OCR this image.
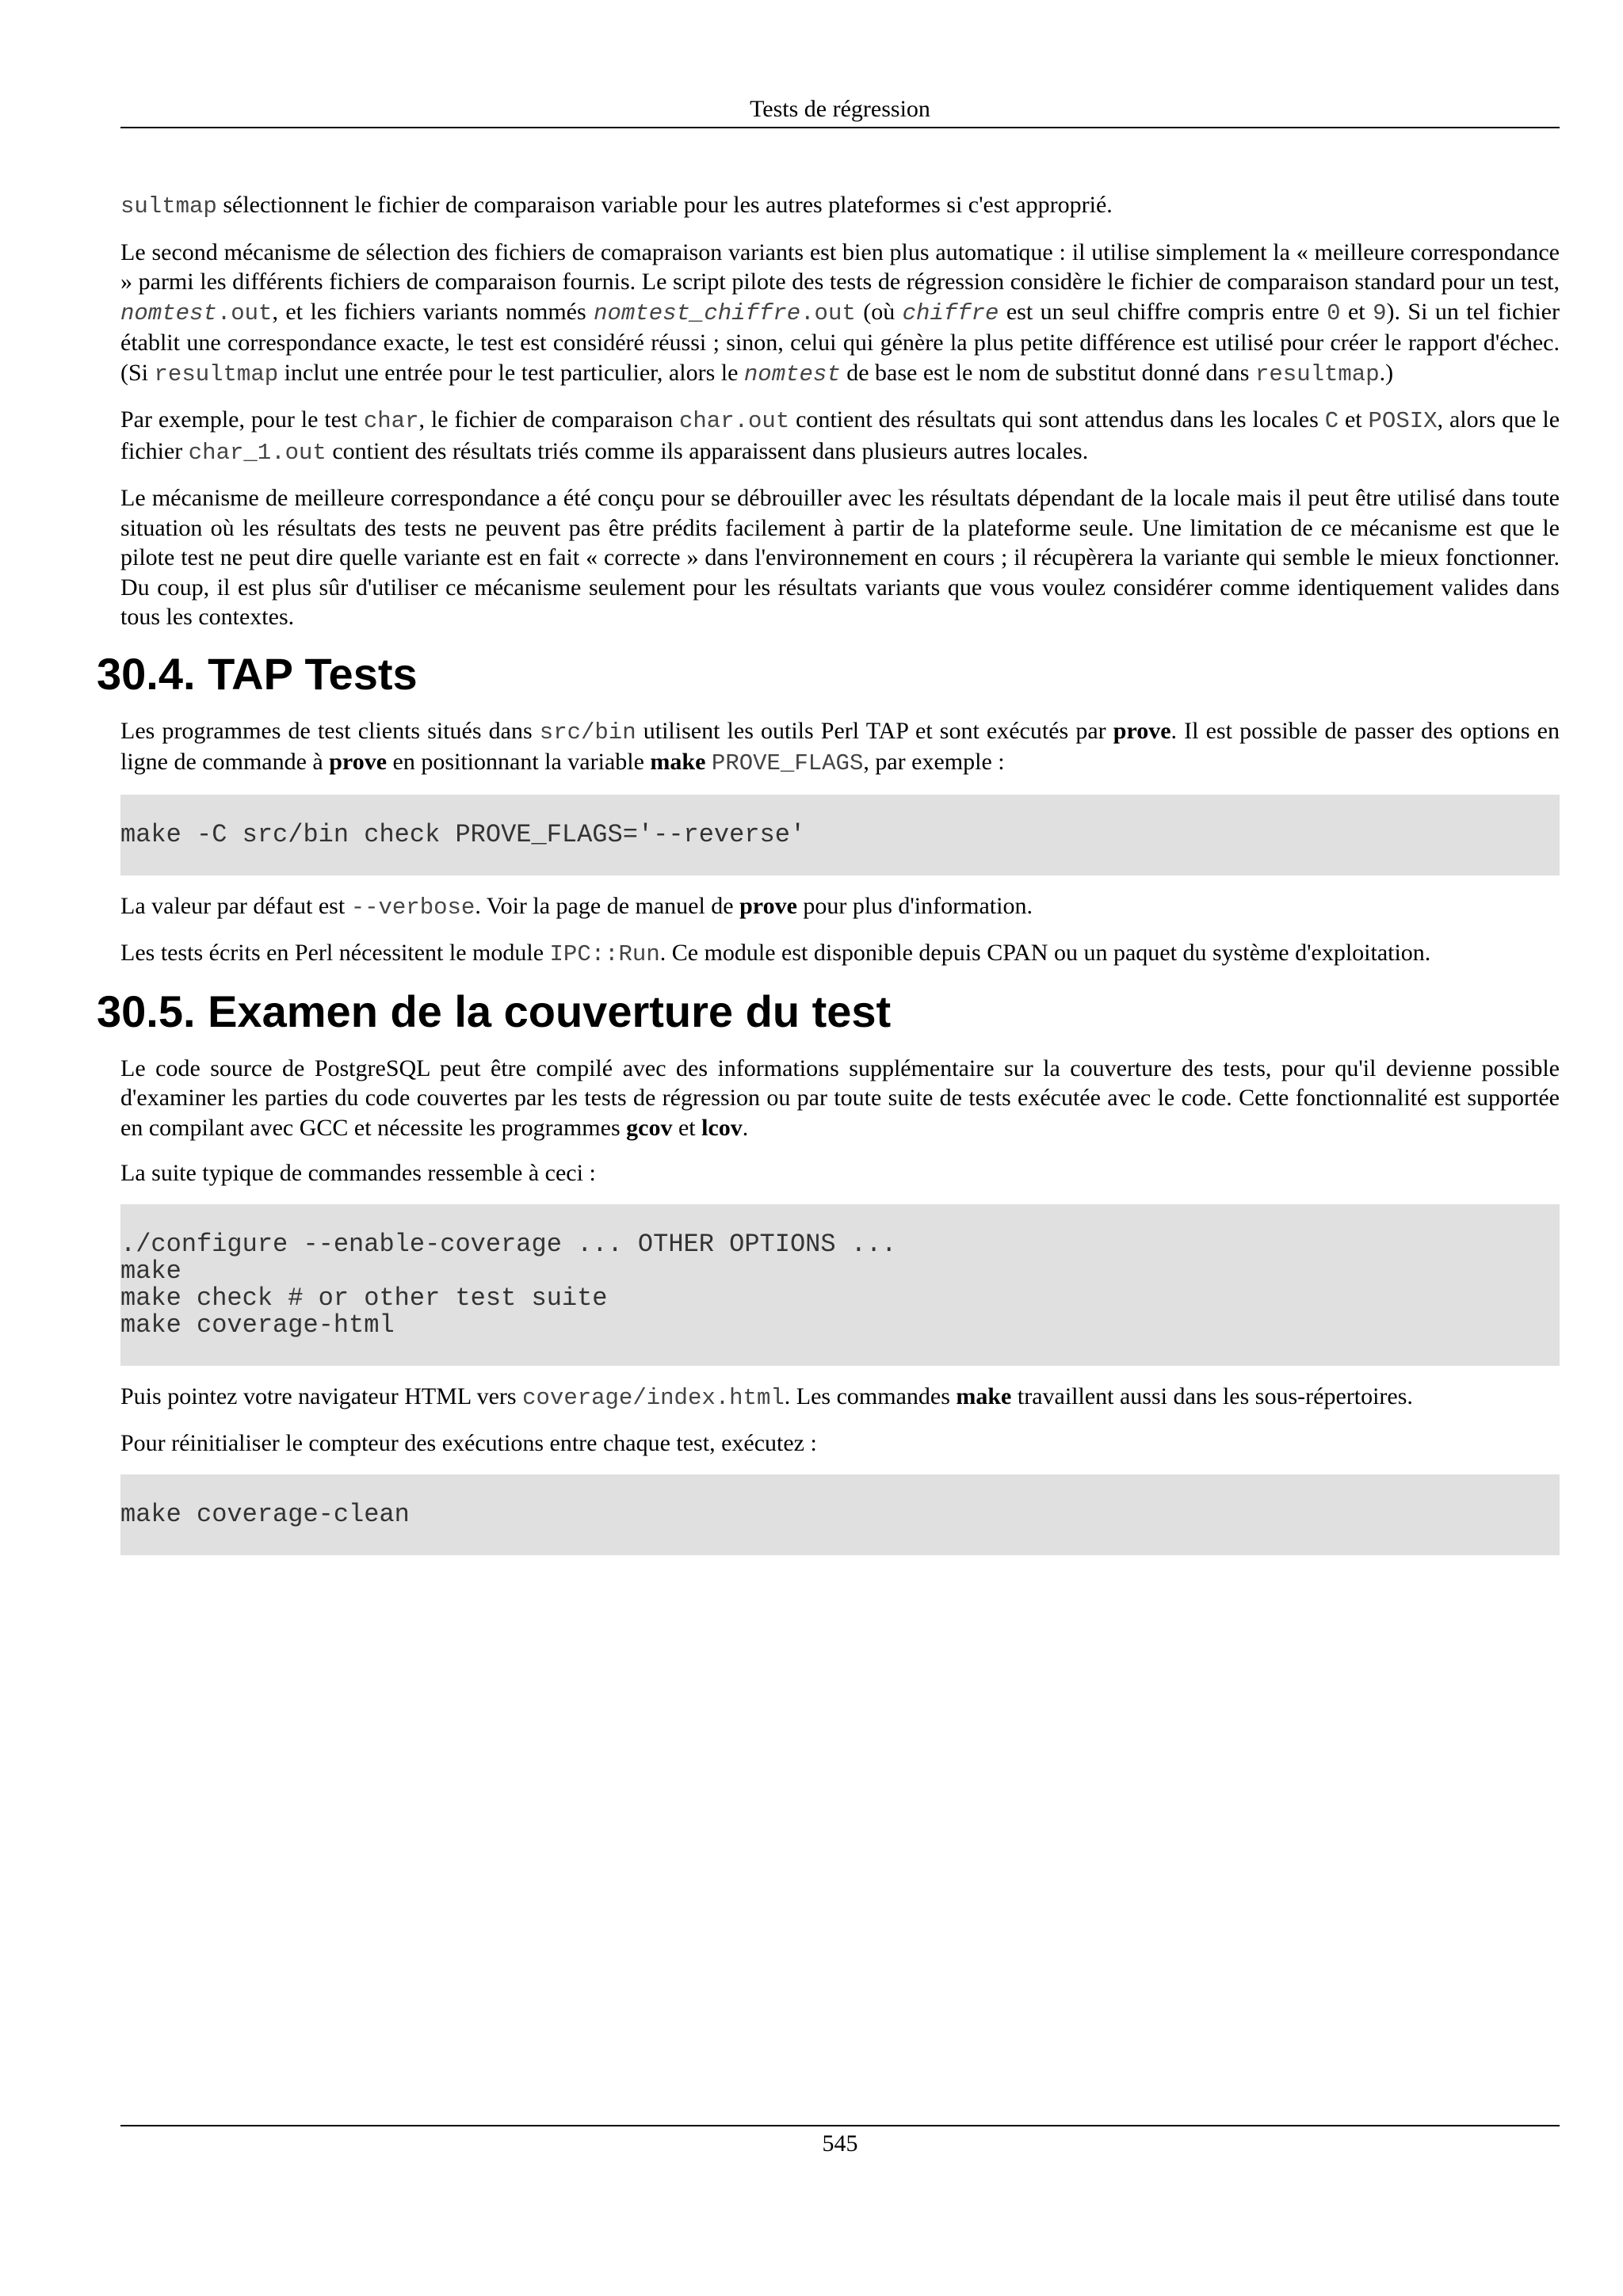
Tests de régression

sultmap sélectionnent le fichier de comparaison variable pour les autres plateformes si c'est approprié.

Le second mécanisme de sélection des fichiers de comapraison variants est bien plus automatique : il utilise simplement la « meilleure correspondance » parmi les différents fichiers de comparaison fournis. Le script pilote des tests de régression considère le fichier de comparaison standard pour un test, nomtest.out, et les fichiers variants nommés nomtest_chiffre.out (où chiffre est un seul chiffre compris entre 0 et 9). Si un tel fichier établit une correspondance exacte, le test est considéré réussi ; sinon, celui qui génère la plus petite différence est utilisé pour créer le rapport d'échec. (Si resultmap inclut une entrée pour le test particulier, alors le nomtest de base est le nom de substitut donné dans resultmap.)

Par exemple, pour le test char, le fichier de comparaison char.out contient des résultats qui sont attendus dans les locales C et POSIX, alors que le fichier char_1.out contient des résultats triés comme ils apparaissent dans plusieurs autres locales.

Le mécanisme de meilleure correspondance a été conçu pour se débrouiller avec les résultats dépendant de la locale mais il peut être utilisé dans toute situation où les résultats des tests ne peuvent pas être prédits facilement à partir de la plateforme seule. Une limitation de ce mécanisme est que le pilote test ne peut dire quelle variante est en fait « correcte » dans l'environnement en cours ; il récupèrera la variante qui semble le mieux fonctionner. Du coup, il est plus sûr d'utiliser ce mécanisme seulement pour les résultats variants que vous voulez considérer comme identiquement valides dans tous les contextes.

30.4. TAP Tests

Les programmes de test clients situés dans src/bin utilisent les outils Perl TAP et sont exécutés par prove. Il est possible de passer des options en ligne de commande à prove en positionnant la variable make PROVE_FLAGS, par exemple :

make -C src/bin check PROVE_FLAGS='--reverse'

La valeur par défaut est --verbose. Voir la page de manuel de prove pour plus d'information.

Les tests écrits en Perl nécessitent le module IPC::Run. Ce module est disponible depuis CPAN ou un paquet du système d'exploitation.

30.5. Examen de la couverture du test

Le code source de PostgreSQL peut être compilé avec des informations supplémentaire sur la couverture des tests, pour qu'il devienne possible d'examiner les parties du code couvertes par les tests de régression ou par toute suite de tests exécutée avec le code. Cette fonctionnalité est supportée en compilant avec GCC et nécessite les programmes gcov et lcov.

La suite typique de commandes ressemble à ceci :

./configure --enable-coverage ... OTHER OPTIONS ...
make
make check # or other test suite
make coverage-html

Puis pointez votre navigateur HTML vers coverage/index.html. Les commandes make travaillent aussi dans les sous-répertoires.

Pour réinitialiser le compteur des exécutions entre chaque test, exécutez :

make coverage-clean
545
